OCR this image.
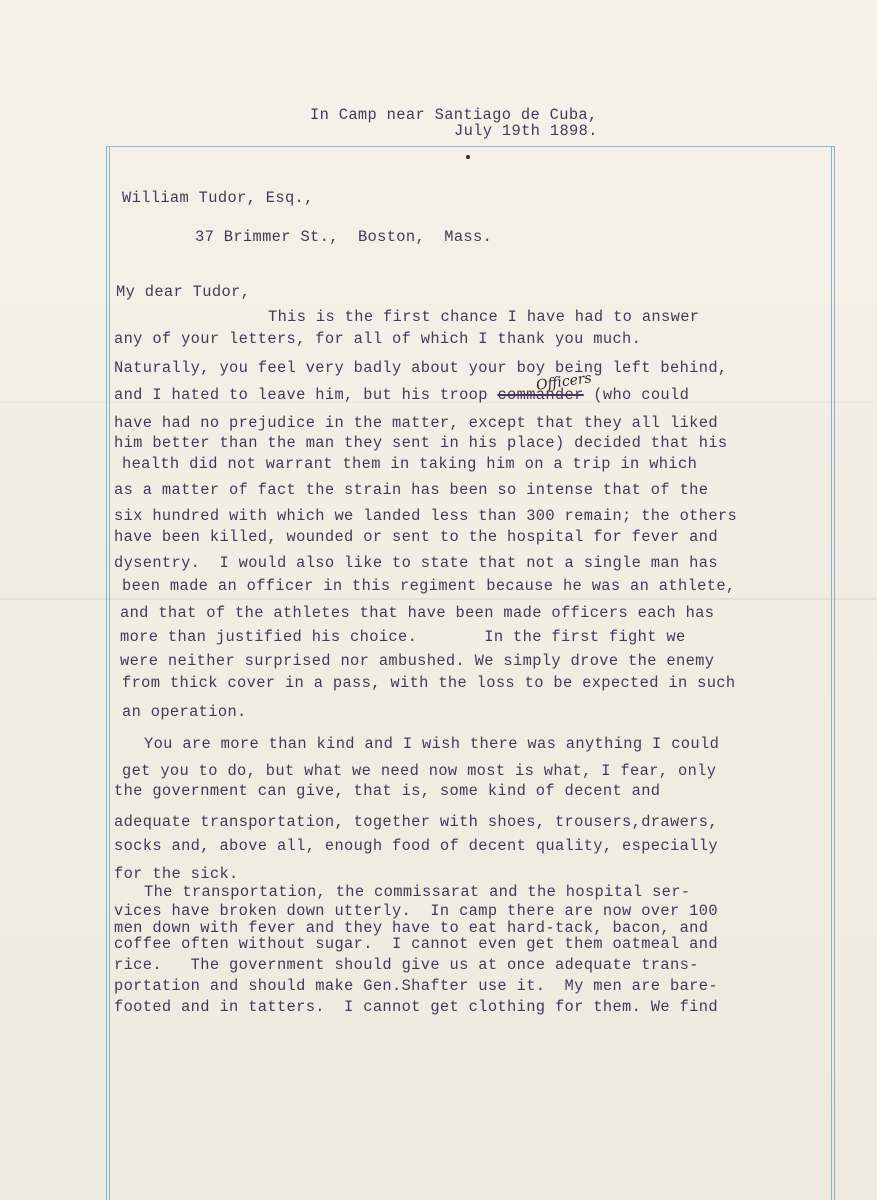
In Camp near Santiago de Cuba,
July 19th 1898.
William Tudor, Esq.,
37 Brimmer St.,  Boston,  Mass.
My dear Tudor,
This is the first chance I have had to answer
any of your letters, for all of which I thank you much.
Naturally, you feel very badly about your boy being left behind,
and I hated to leave him, but his troop commander (who could
Officers
have had no prejudice in the matter, except that they all liked
him better than the man they sent in his place) decided that his
health did not warrant them in taking him on a trip in which
as a matter of fact the strain has been so intense that of the
six hundred with which we landed less than 300 remain; the others
have been killed, wounded or sent to the hospital for fever and
dysentry.  I would also like to state that not a single man has
been made an officer in this regiment because he was an athlete,
and that of the athletes that have been made officers each has
more than justified his choice.       In the first fight we
were neither surprised nor ambushed. We simply drove the enemy
from thick cover in a pass, with the loss to be expected in such
an operation.
You are more than kind and I wish there was anything I could
get you to do, but what we need now most is what, I fear, only
the government can give, that is, some kind of decent and
adequate transportation, together with shoes, trousers,drawers,
socks and, above all, enough food of decent quality, especially
for the sick.
The transportation, the commissarat and the hospital ser-
vices have broken down utterly.  In camp there are now over 100
men down with fever and they have to eat hard-tack, bacon, and
coffee often without sugar.  I cannot even get them oatmeal and
rice.   The government should give us at once adequate trans-
portation and should make Gen.Shafter use it.  My men are bare-
footed and in tatters.  I cannot get clothing for them. We find
